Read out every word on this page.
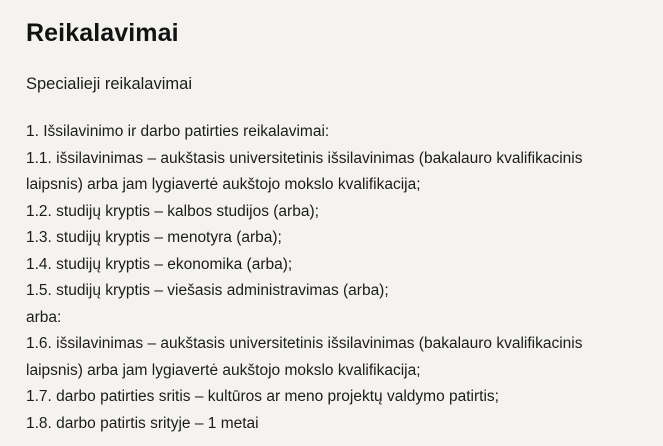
Reikalavimai
Specialieji reikalavimai
1. Išsilavinimo ir darbo patirties reikalavimai:
1.1. išsilavinimas – aukštasis universitetinis išsilavinimas (bakalauro kvalifikacinis laipsnis) arba jam lygiavertė aukštojo mokslo kvalifikacija;
1.2. studijų kryptis – kalbos studijos (arba);
1.3. studijų kryptis – menotyra (arba);
1.4. studijų kryptis – ekonomika (arba);
1.5. studijų kryptis – viešasis administravimas (arba);
arba:
1.6. išsilavinimas – aukštasis universitetinis išsilavinimas (bakalauro kvalifikacinis laipsnis) arba jam lygiavertė aukštojo mokslo kvalifikacija;
1.7. darbo patirties sritis – kultūros ar meno projektų valdymo patirtis;
1.8. darbo patirtis srityje – 1 metai
